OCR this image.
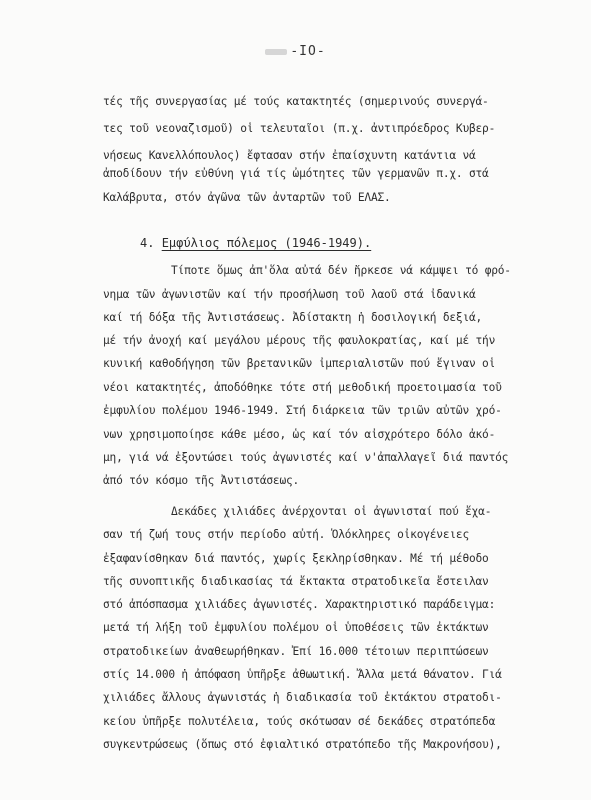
-IO-
τές τῆς συνεργασίας μέ τούς κατακτητές (σημερινούς συνεργά-
τες τοῦ νεοναζισμοῦ) οἱ τελευταῖοι (π.χ. ἀντιπρόεδρος Κυβερ-
νήσεως Κανελλόπουλος) ἔφτασαν στήν ἐπαίσχυντη κατάντια νά
ἀποδίδουν τήν εὐθύνη γιά τίς ὠμότητες τῶν γερμανῶν π.χ. στά
Καλάβρυτα, στόν ἀγῶνα τῶν ἀνταρτῶν τοῦ ΕΛΑΣ.
4. Εμφύλιος πόλεμος (1946-1949).
Τίποτε ὅμως ἀπ'ὅλα αὐτά δέν ἤρκεσε νά κάμψει τό φρό-
νημα τῶν ἀγωνιστῶν καί τήν προσήλωση τοῦ λαοῦ στά ἰδανικά
καί τή δόξα τῆς Ἀντιστάσεως. Ἀδίστακτη ἡ δοσιλογική δεξιά,
μέ τήν ἀνοχή καί μεγάλου μέρους τῆς φαυλοκρατίας, καί μέ τήν
κυνική καθοδήγηση τῶν βρετανικῶν ἰμπεριαλιστῶν πού ἔγιναν οἱ
νέοι κατακτητές, ἀποδόθηκε τότε στή μεθοδική προετοιμασία τοῦ
ἐμφυλίου πολέμου 1946-1949. Στή διάρκεια τῶν τριῶν αὐτῶν χρό-
νων χρησιμοποίησε κάθε μέσο, ὡς καί τόν αἰσχρότερο δόλο ἀκό-
μη, γιά νά ἐξοντώσει τούς ἀγωνιστές καί ν'ἀπαλλαγεῖ διά παντός
ἀπό τόν κόσμο τῆς Ἀντιστάσεως.
Δεκάδες χιλιάδες ἀνέρχονται οἱ ἀγωνισταί πού ἔχα-
σαν τή ζωή τους στήν περίοδο αὐτή. Ὁλόκληρες οἰκογένειες
ἐξαφανίσθηκαν διά παντός, χωρίς ξεκληρίσθηκαν. Μέ τή μέθοδο
τῆς συνοπτικῆς διαδικασίας τά ἔκτακτα στρατοδικεῖα ἔστειλαν
στό ἀπόσπασμα χιλιάδες ἀγωνιστές. Χαρακτηριστικό παράδειγμα:
μετά τή λήξη τοῦ ἐμφυλίου πολέμου οἱ ὑποθέσεις τῶν ἐκτάκτων
στρατοδικείων ἀναθεωρήθηκαν. Ἐπί 16.000 τέτοιων περιπτώσεων
στίς 14.000 ἡ ἀπόφαση ὑπῆρξε ἀθωωτική. Ἄλλα μετά θάνατον. Γιά
χιλιάδες ἄλλους ἀγωνιστάς ἡ διαδικασία τοῦ ἐκτάκτου στρατοδι-
κείου ὑπῆρξε πολυτέλεια, τούς σκότωσαν σέ δεκάδες στρατόπεδα
συγκεντρώσεως (ὅπως στό ἐφιαλτικό στρατόπεδο τῆς Μακρονήσου),
